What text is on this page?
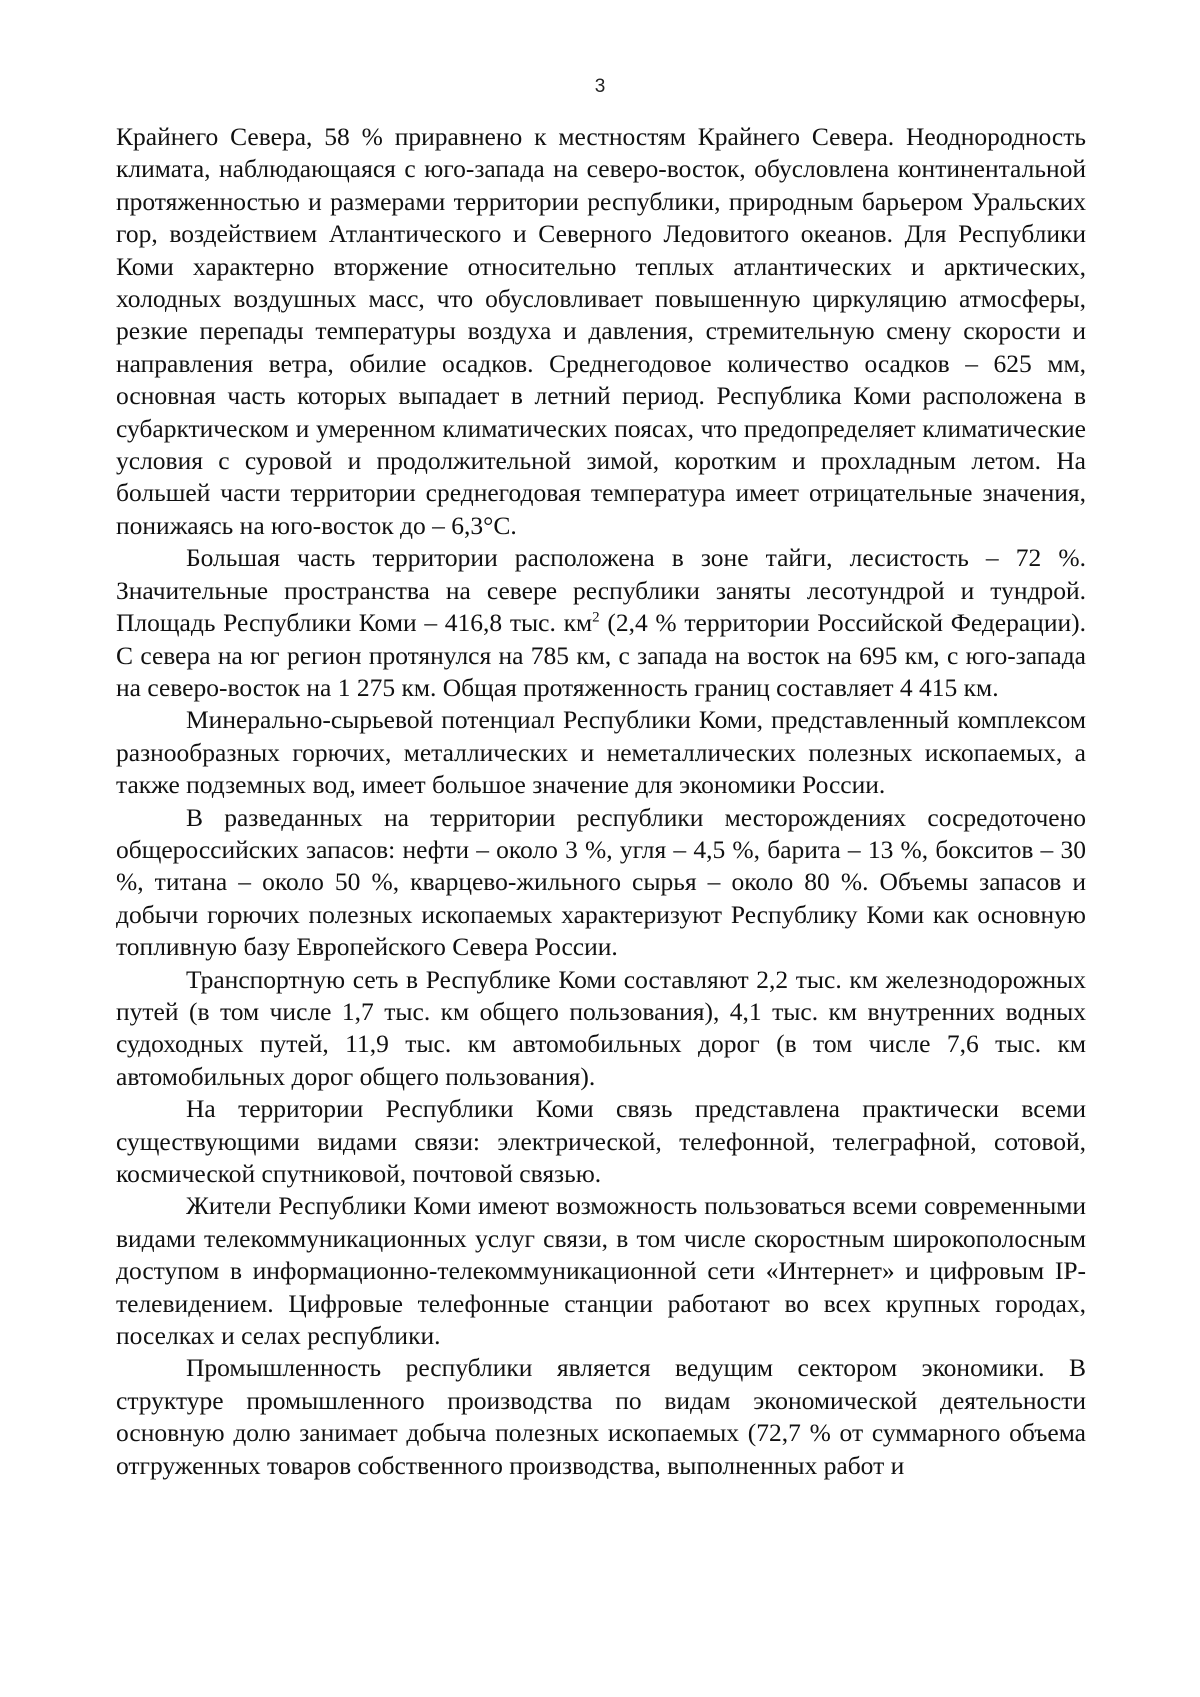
3

Крайнего Севера, 58 % приравнено к местностям Крайнего Севера. Неоднородность климата, наблюдающаяся с юго-запада на северо-восток, обусловлена континентальной протяженностью и размерами территории республики, природным барьером Уральских гор, воздействием Атлантического и Северного Ледовитого океанов. Для Республики Коми характерно вторжение относительно теплых атлантических и арктических, холодных воздушных масс, что обусловливает повышенную циркуляцию атмосферы, резкие перепады температуры воздуха и давления, стремительную смену скорости и направления ветра, обилие осадков. Среднегодовое количество осадков – 625 мм, основная часть которых выпадает в летний период. Республика Коми расположена в субарктическом и умеренном климатических поясах, что предопределяет климатические условия с суровой и продолжительной зимой, коротким и прохладным летом. На большей части территории среднегодовая температура имеет отрицательные значения, понижаясь на юго-восток до – 6,3°С.

Большая часть территории расположена в зоне тайги, лесистость – 72 %. Значительные пространства на севере республики заняты лесотундрой и тундрой. Площадь Республики Коми – 416,8 тыс. $км^2$ (2,4 % территории Российской Федерации). С севера на юг регион протянулся на 785 км, с запада на восток на 695 км, с юго-запада на северо-восток на 1 275 км. Общая протяженность границ составляет 4 415 км.

Минерально-сырьевой потенциал Республики Коми, представленный комплексом разнообразных горючих, металлических и неметаллических полезных ископаемых, а также подземных вод, имеет большое значение для экономики России.

В разведанных на территории республики месторождениях сосредоточено общероссийских запасов: нефти – около 3 %, угля – 4,5 %, барита – 13 %, бокситов – 30 %, титана – около 50 %, кварцево-жильного сырья – около 80 %. Объемы запасов и добычи горючих полезных ископаемых характеризуют Республику Коми как основную топливную базу Европейского Севера России.

Транспортную сеть в Республике Коми составляют 2,2 тыс. км железнодорожных путей (в том числе 1,7 тыс. км общего пользования), 4,1 тыс. км внутренних водных судоходных путей, 11,9 тыс. км автомобильных дорог (в том числе 7,6 тыс. км автомобильных дорог общего пользования).

На территории Республики Коми связь представлена практически всеми существующими видами связи: электрической, телефонной, телеграфной, сотовой, космической спутниковой, почтовой связью.

Жители Республики Коми имеют возможность пользоваться всеми современными видами телекоммуникационных услуг связи, в том числе скоростным широкополосным доступом в информационно-телекоммуникационной сети «Интернет» и цифровым IP-телевидением. Цифровые телефонные станции работают во всех крупных городах, поселках и селах республики.

Промышленность республики является ведущим сектором экономики. В структуре промышленного производства по видам экономической деятельности основную долю занимает добыча полезных ископаемых (72,7 % от суммарного объема отгруженных товаров собственного производства, выполненных работ и
